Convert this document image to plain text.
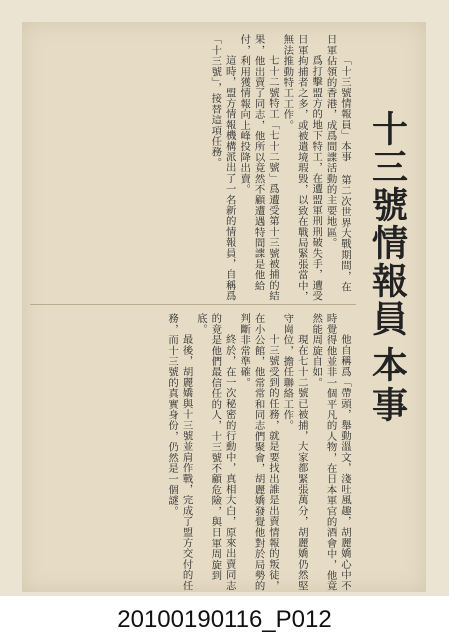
十三號情報員
本事

「十三號情報員」本事 第二次世界大戰期間，在日軍佔領的香港，成爲間諜活動的主要地區。

爲打擊盟方的地下特工，在遭盟軍刑刑破失手，遭受日軍拘捕者之多，或被遣境瑕毀，以致在戰局緊張當中，無法推動特工工作。

七十二號特工「七十二號」爲遭受第十三號被捕的結果，他出賣了同志，他所以竟然不顧遭遇特間諜是他給付，利用獲情報向上峰投降出賣。

這時，盟方情報機構派出了一名新的情報員，自稱爲「十三號」，接替這項任務。

他自稱爲「帶頭，舉動溫文，淺吐風趣，胡麗嬌心中不時覺得他並非一個平凡的人物，在日本軍官的酒會中，他竟然能周旋自如。

現在七十二號已被捕，大家都緊張萬分，胡麗嬌仍然堅守崗位，擔任聯絡工作。

十三號受到的任務，就是要找出誰是出賣情報的叛徒，在小公館，他常常和同志們聚會，胡麗嬌發覺他對於局勢的判斷非常準確。

終於，在一次秘密的行動中，真相大白，原來出賣同志的竟是他們最信任的人，十三號不顧危險，與日軍周旋到底。

最後，胡麗嬌與十三號並肩作戰，完成了盟方交付的任務，而十三號的真實身份，仍然是一個謎。

20100190116_P012
